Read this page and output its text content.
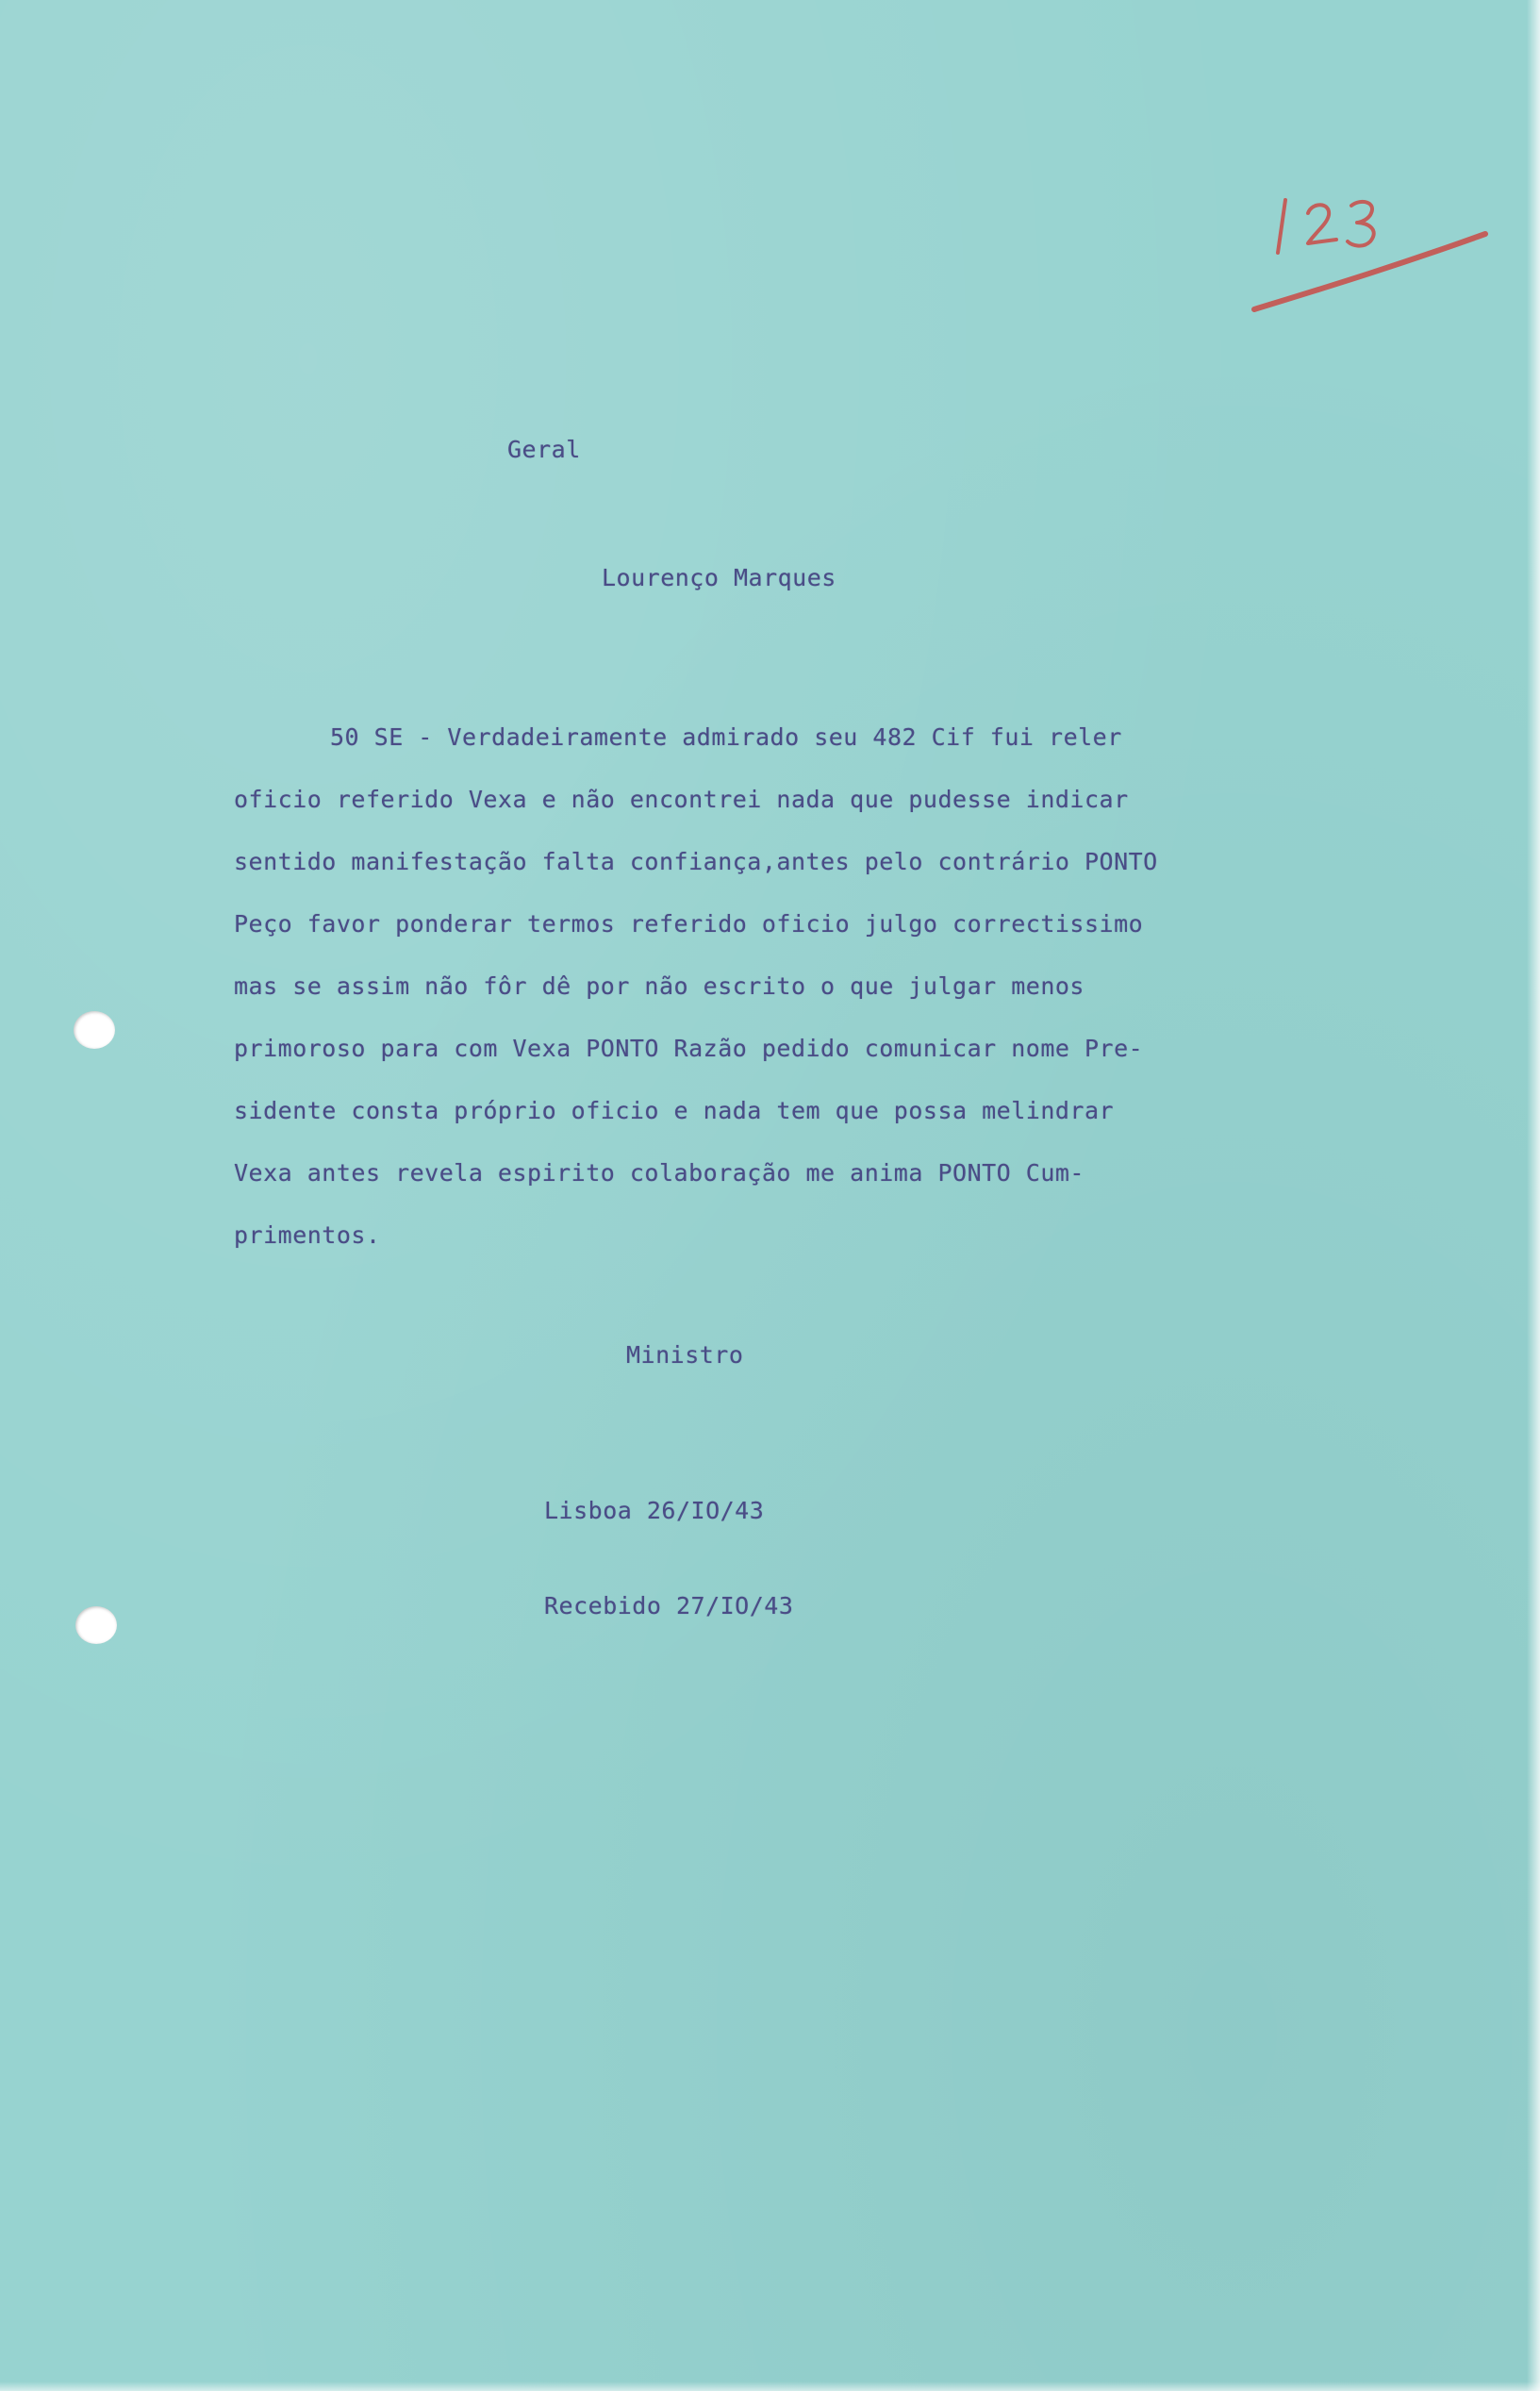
Geral
Lourenço Marques
50 SE - Verdadeiramente admirado seu 482 Cif fui reler
oficio referido Vexa e não encontrei nada que pudesse indicar
sentido manifestação falta confiança,antes pelo contrário PONTO
Peço favor ponderar termos referido oficio julgo correctissimo
mas se assim não fôr dê por não escrito o que julgar menos
primoroso para com Vexa PONTO Razão pedido comunicar nome Pre-
sidente consta próprio oficio e nada tem que possa melindrar
Vexa antes revela espirito colaboração me anima PONTO Cum-
primentos.
Ministro
Lisboa 26/IO/43
Recebido 27/IO/43
